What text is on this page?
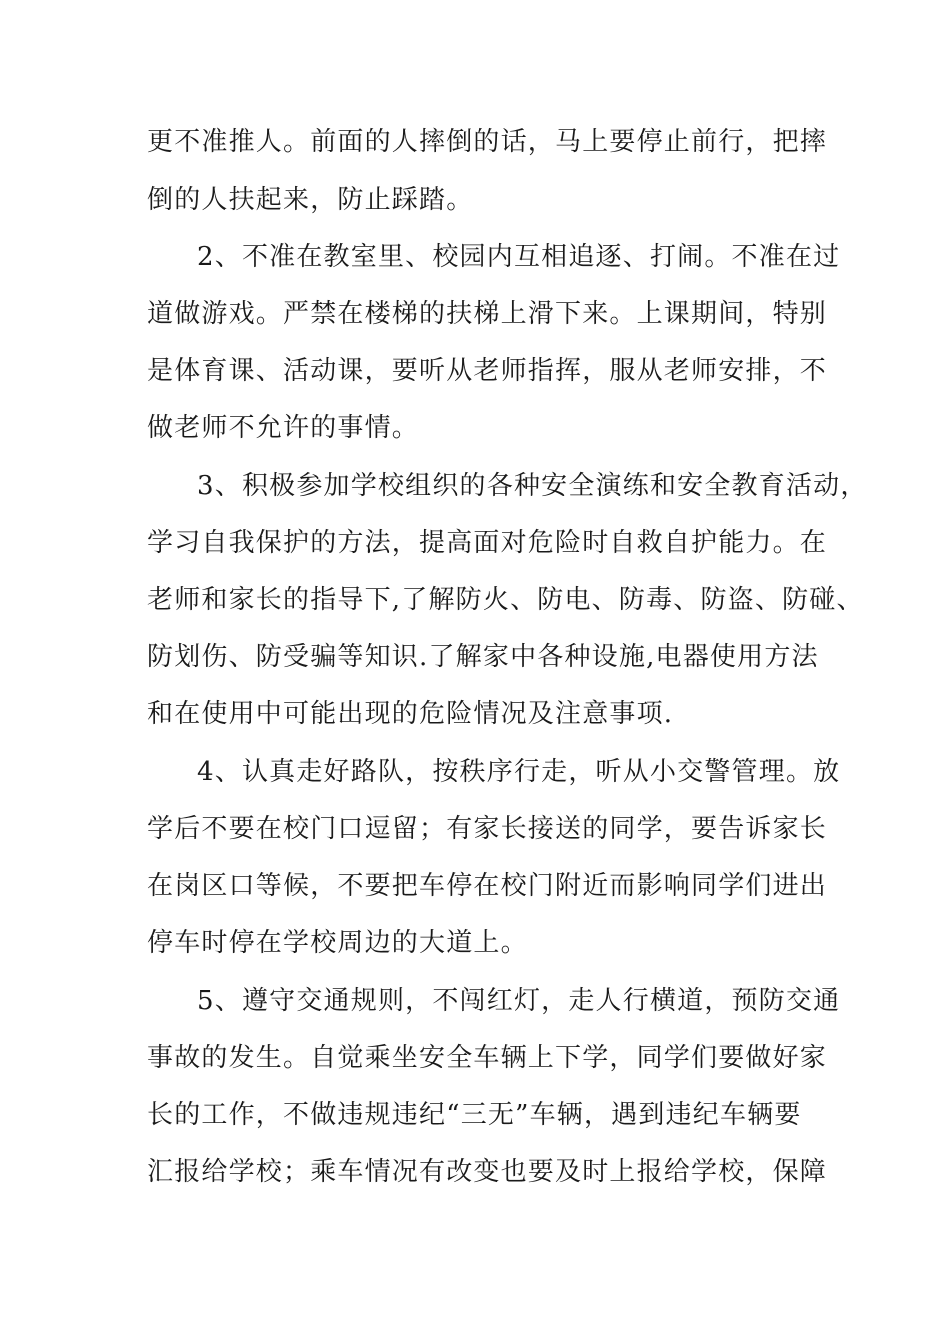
更不准推人。前面的人摔倒的话，马上要停止前行，把摔
倒的人扶起来，防止踩踏。
2、不准在教室里、校园内互相追逐、打闹。不准在过
道做游戏。严禁在楼梯的扶梯上滑下来。上课期间，特别
是体育课、活动课，要听从老师指挥，服从老师安排，不
做老师不允许的事情。
3、积极参加学校组织的各种安全演练和安全教育活动，
学习自我保护的方法，提高面对危险时自救自护能力。在
老师和家长的指导下,了解防火、防电、防毒、防盗、防碰、
防划伤、防受骗等知识.了解家中各种设施,电器使用方法
和在使用中可能出现的危险情况及注意事项.
4、认真走好路队，按秩序行走，听从小交警管理。放
学后不要在校门口逗留；有家长接送的同学，要告诉家长
在岗区口等候，不要把车停在校门附近而影响同学们进出
停车时停在学校周边的大道上。
5、遵守交通规则，不闯红灯，走人行横道，预防交通
事故的发生。自觉乘坐安全车辆上下学，同学们要做好家
长的工作，不做违规违纪“三无”车辆，遇到违纪车辆要
汇报给学校；乘车情况有改变也要及时上报给学校，保障
